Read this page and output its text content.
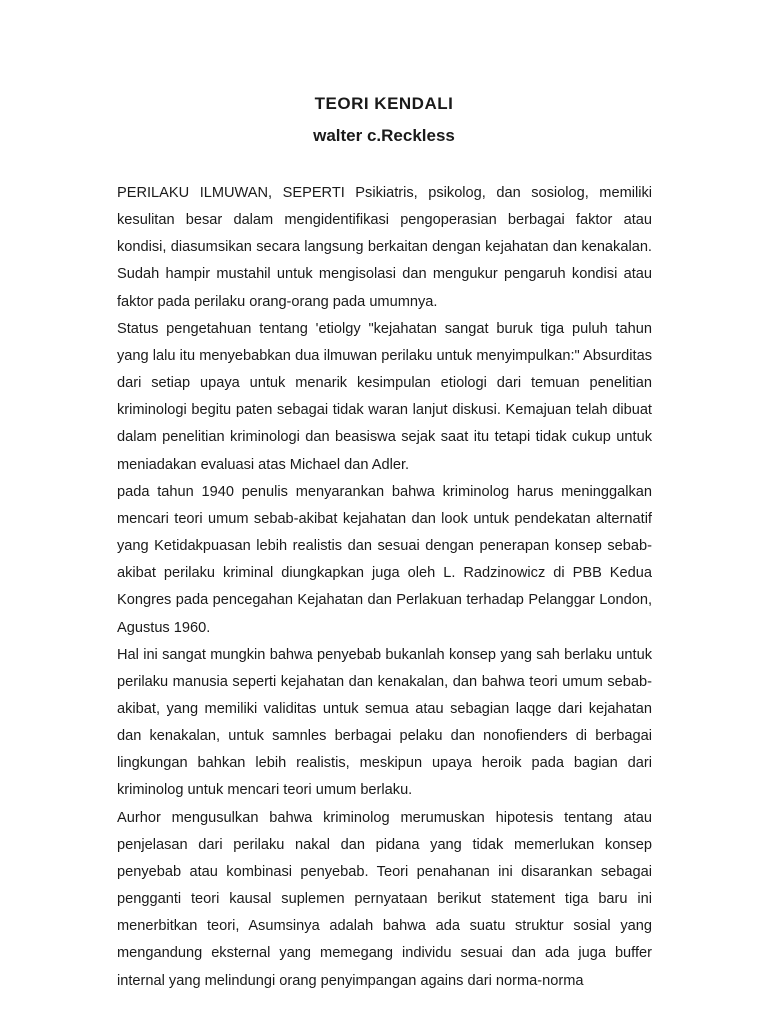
TEORI KENDALI
walter c.Reckless

PERILAKU ILMUWAN, SEPERTI Psikiatris, psikolog, dan sosiolog, memiliki kesulitan besar dalam mengidentifikasi pengoperasian berbagai faktor atau kondisi, diasumsikan secara langsung berkaitan dengan kejahatan dan kenakalan. Sudah hampir mustahil untuk mengisolasi dan mengukur pengaruh kondisi atau faktor pada perilaku orang-orang pada umumnya.

Status pengetahuan tentang 'etiolgy "kejahatan sangat buruk tiga puluh tahun yang lalu itu menyebabkan dua ilmuwan perilaku untuk menyimpulkan:" Absurditas dari setiap upaya untuk menarik kesimpulan etiologi dari temuan penelitian kriminologi begitu paten sebagai tidak waran lanjut diskusi. Kemajuan telah dibuat dalam penelitian kriminologi dan beasiswa sejak saat itu tetapi tidak cukup untuk meniadakan evaluasi atas Michael dan Adler.

pada tahun 1940 penulis menyarankan bahwa kriminolog harus meninggalkan mencari teori umum sebab-akibat kejahatan dan look untuk pendekatan alternatif yang Ketidakpuasan lebih realistis dan sesuai dengan penerapan konsep sebab-akibat perilaku kriminal diungkapkan juga oleh L. Radzinowicz di PBB Kedua Kongres pada pencegahan Kejahatan dan Perlakuan terhadap Pelanggar London, Agustus 1960.

Hal ini sangat mungkin bahwa penyebab bukanlah konsep yang sah berlaku untuk perilaku manusia seperti kejahatan dan kenakalan, dan bahwa teori umum sebab-akibat, yang memiliki validitas untuk semua atau sebagian laqge dari kejahatan dan kenakalan, untuk samnles berbagai pelaku dan nonofienders di berbagai lingkungan bahkan lebih realistis, meskipun upaya heroik pada bagian dari kriminolog untuk mencari teori umum berlaku.

Aurhor mengusulkan bahwa kriminolog merumuskan hipotesis tentang atau penjelasan dari perilaku nakal dan pidana yang tidak memerlukan konsep penyebab atau kombinasi penyebab. Teori penahanan ini disarankan sebagai pengganti teori kausal suplemen pernyataan berikut statement tiga baru ini menerbitkan teori, Asumsinya adalah bahwa ada suatu struktur sosial yang mengandung eksternal yang memegang individu sesuai dan ada juga buffer internal yang melindungi orang penyimpangan agains dari norma-norma
